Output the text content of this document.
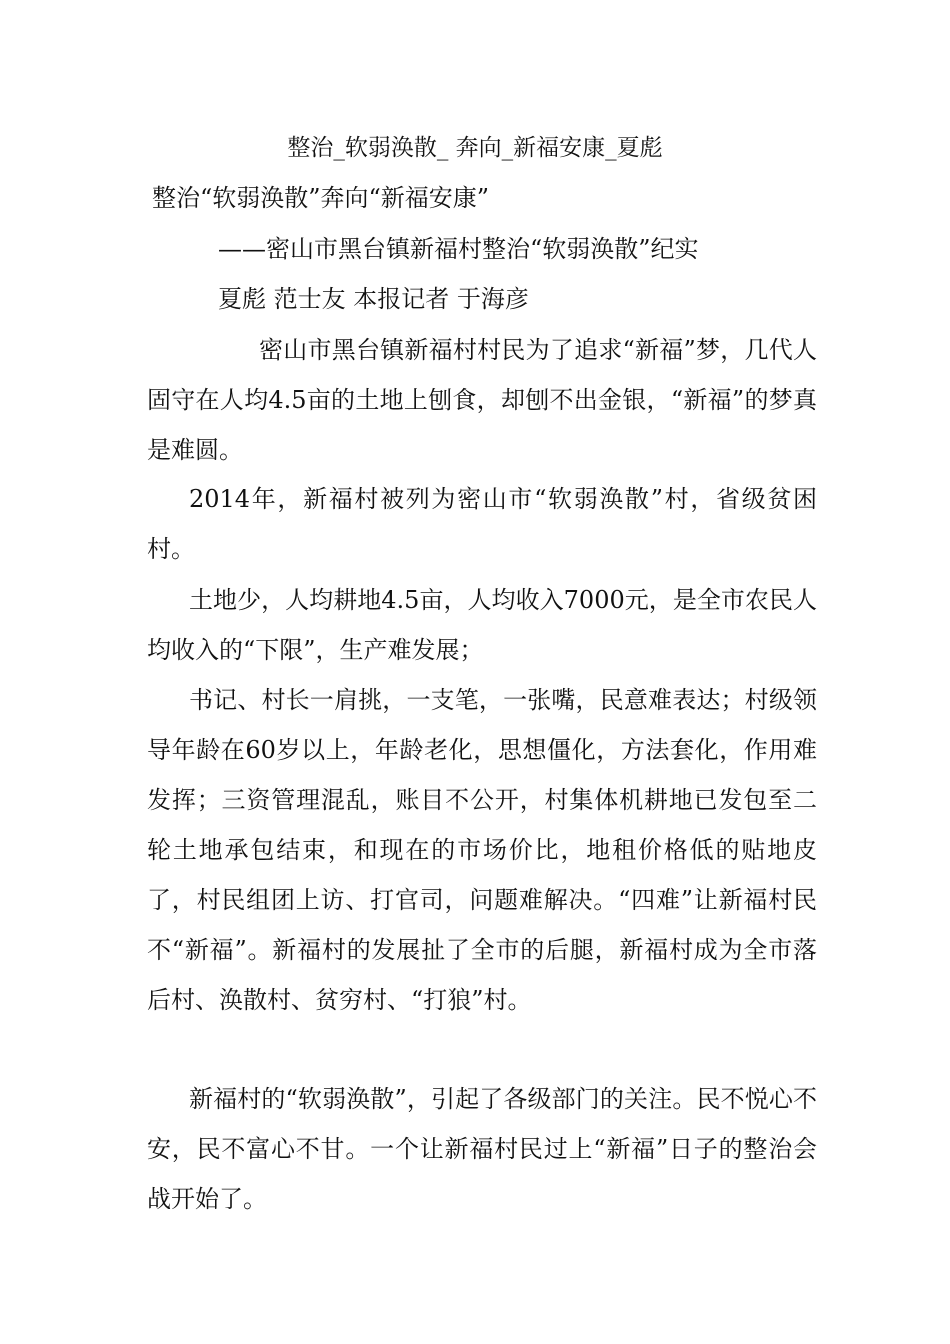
整治_软弱涣散_ 奔向_新福安康_夏彪

整治“软弱涣散”奔向“新福安康”

——密山市黑台镇新福村整治“软弱涣散”纪实

夏彪 范士友 本报记者 于海彦

密山市黑台镇新福村村民为了追求“新福”梦，几代人固守在人均4.5亩的土地上刨食，却刨不出金银，“新福”的梦真是难圆。

2014年，新福村被列为密山市“软弱涣散”村，省级贫困村。

土地少，人均耕地4.5亩，人均收入7000元，是全市农民人均收入的“下限”，生产难发展；

书记、村长一肩挑，一支笔，一张嘴，民意难表达；村级领导年龄在60岁以上，年龄老化，思想僵化，方法套化，作用难发挥；三资管理混乱，账目不公开，村集体机耕地已发包至二轮土地承包结束，和现在的市场价比，地租价格低的贴地皮了，村民组团上访、打官司，问题难解决。“四难”让新福村民不“新福”。新福村的发展扯了全市的后腿，新福村成为全市落后村、涣散村、贫穷村、“打狼”村。

新福村的“软弱涣散”，引起了各级部门的关注。民不悦心不安，民不富心不甘。一个让新福村民过上“新福”日子的整治会战开始了。
